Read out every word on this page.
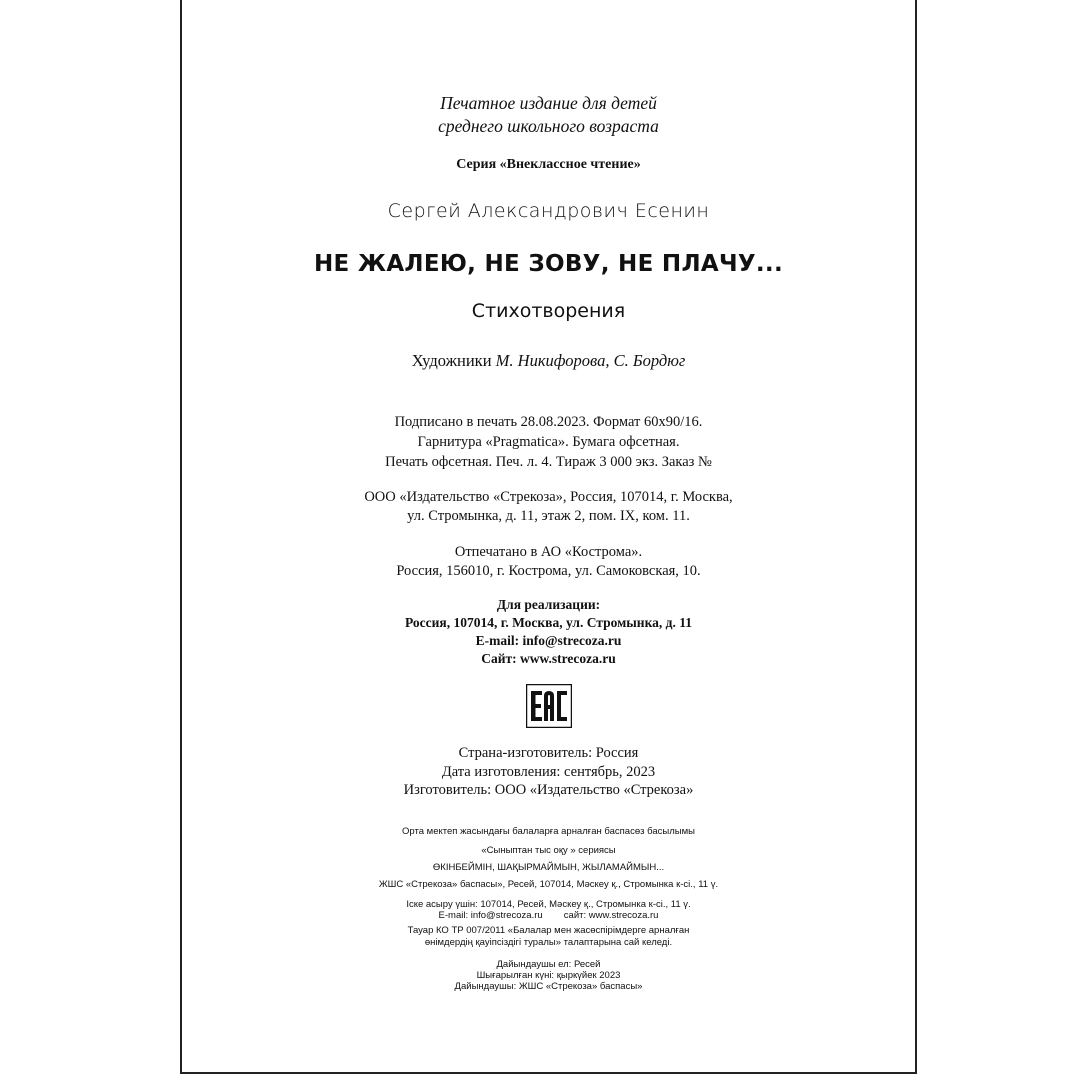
Печатное издание для детей
среднего школьного возраста
Серия «Внеклассное чтение»
Сергей Александрович Есенин
НЕ ЖАЛЕЮ, НЕ ЗОВУ, НЕ ПЛАЧУ...
Стихотворения
Художники М. Никифорова, С. Бордюг
Подписано в печать 28.08.2023. Формат 60х90/16.
Гарнитура «Pragmatica». Бумага офсетная.
Печать офсетная. Печ. л. 4. Тираж 3 000 экз. Заказ №
ООО «Издательство «Стрекоза», Россия, 107014, г. Москва,
ул. Стромынка, д. 11, этаж 2, пом. IX, ком. 11.
Отпечатано в АО «Кострома».
Россия, 156010, г. Кострома, ул. Самоковская, 10.
Для реализации:
Россия, 107014, г. Москва, ул. Стромынка, д. 11
E-mail: info@strecoza.ru
Сайт: www.strecoza.ru
Страна-изготовитель: Россия
Дата изготовления: сентябрь, 2023
Изготовитель: ООО «Издательство «Стрекоза»
Орта мектеп жасындағы балаларға арналған баспасөз басылымы
«Сыныптан тыс оқу » сериясы
ӨКІНБЕЙМІН, ШАҚЫРМАЙМЫН, ЖЫЛАМАЙМЫН...
ЖШС «Стрекоза» баспасы», Ресей, 107014, Мәскеу қ., Стромынка к-сі., 11 ү.
Іске асыру үшін: 107014, Ресей, Мәскеу қ., Стромынка к-сі., 11 ү.
E-mail: info@strecoza.ru        сайт: www.strecoza.ru
Тауар КО ТР 007/2011 «Балалар мен жасөспірімдерге арналған
өнімдердің қауіпсіздігі туралы» талаптарына сай келеді.
Дайындаушы ел: Ресей
Шығарылған күні: қыркүйек 2023
Дайындаушы: ЖШС «Стрекоза» баспасы»
